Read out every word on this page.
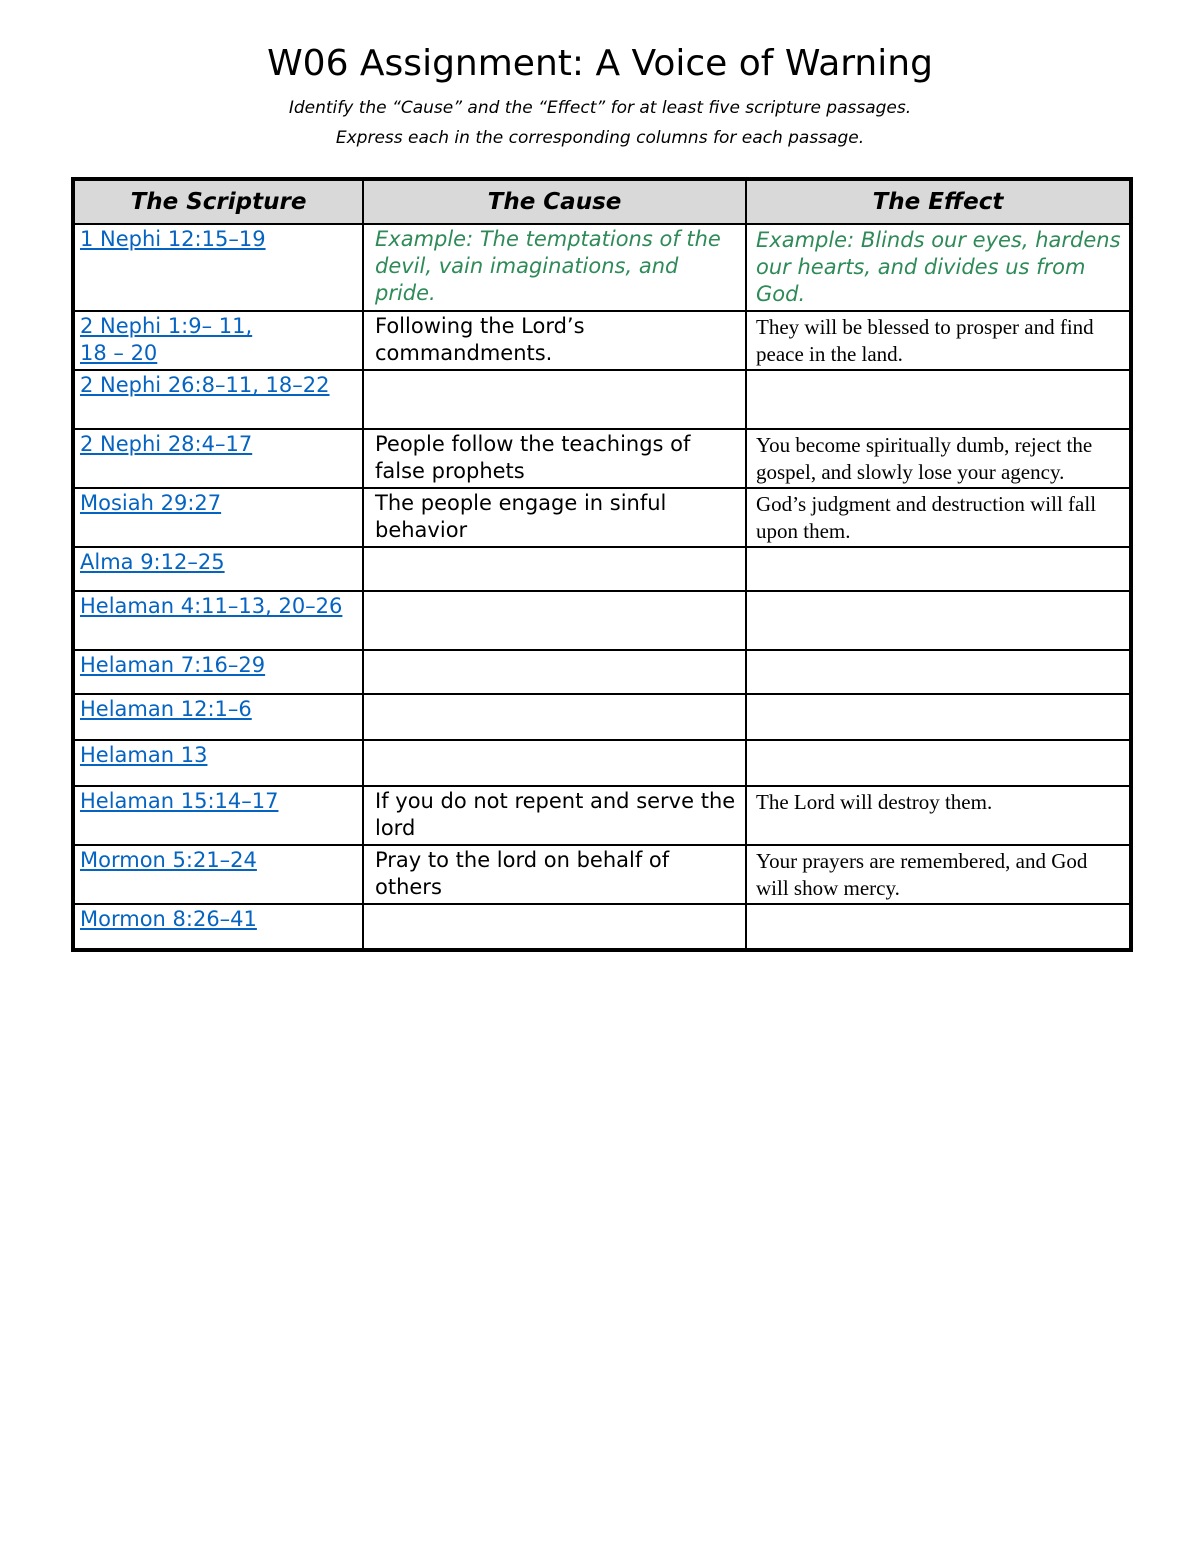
W06 Assignment: A Voice of Warning
Identify the “Cause” and the “Effect” for at least five scripture passages.
Express each in the corresponding columns for each passage.
The Scripture	The Cause	The Effect
1 Nephi 12:15–19	Example: The temptations of the devil, vain imaginations, and pride.	Example: Blinds our eyes, hardens our hearts, and divides us from God.
2 Nephi 1:9– 11,
18 – 20	Following the Lord’s commandments.	They will be blessed to prosper and find peace in the land.
2 Nephi 26:8–11, 18–22		
2 Nephi 28:4–17	People follow the teachings of false prophets	You become spiritually dumb, reject the gospel, and slowly lose your agency.
Mosiah 29:27	The people engage in sinful behavior	God’s judgment and destruction will fall upon them.
Alma 9:12–25		
Helaman 4:11–13, 20–26		
Helaman 7:16–29		
Helaman 12:1–6		
Helaman 13		
Helaman 15:14–17	If you do not repent and serve the lord	The Lord will destroy them.
Mormon 5:21–24	Pray to the lord on behalf of others	Your prayers are remembered, and God will show mercy.
Mormon 8:26–41		
